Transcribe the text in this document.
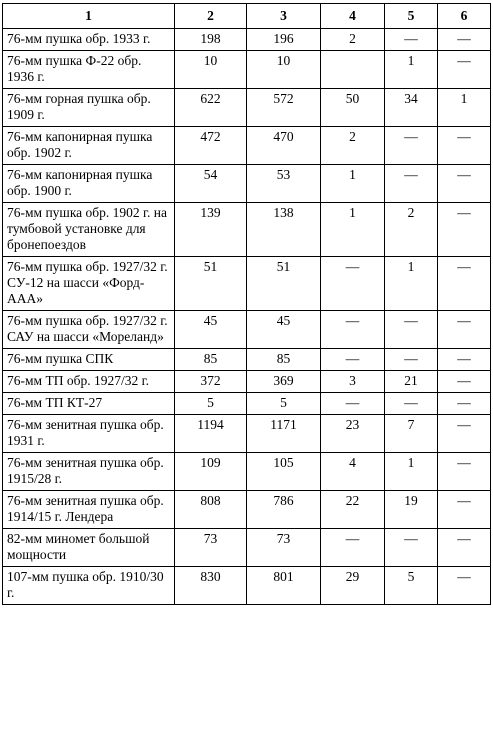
1	2	3	4	5	6
76-мм пушка обр. 1933 г.	198	196	2	—	—
76-мм пушка Ф-22 обр. 1936 г.	10	10		1	—
76-мм горная пушка обр. 1909 г.	622	572	50	34	1
76-мм капонирная пушка обр. 1902 г.	472	470	2	—	—
76-мм капонирная пушка обр. 1900 г.	54	53	1	—	—
76-мм пушка обр. 1902 г. на тумбовой установке для бронепоездов	139	138	1	2	—
76-мм пушка обр. 1927/32 г. СУ-12 на шасси «Форд-ААА»	51	51	—	1	—
76-мм пушка обр. 1927/32 г. САУ на шасси «Мореланд»	45	45	—	—	—
76-мм пушка СПК	85	85	—	—	—
76-мм ТП обр. 1927/32 г.	372	369	3	21	—
76-мм ТП КТ-27	5	5	—	—	—
76-мм зенитная пушка обр. 1931 г.	1194	1171	23	7	—
76-мм зенитная пушка обр. 1915/28 г.	109	105	4	1	—
76-мм зенитная пушка обр. 1914/15 г. Лендера	808	786	22	19	—
82-мм миномет большой мощности	73	73	—	—	—
107-мм пушка обр. 1910/30 г.	830	801	29	5	—
